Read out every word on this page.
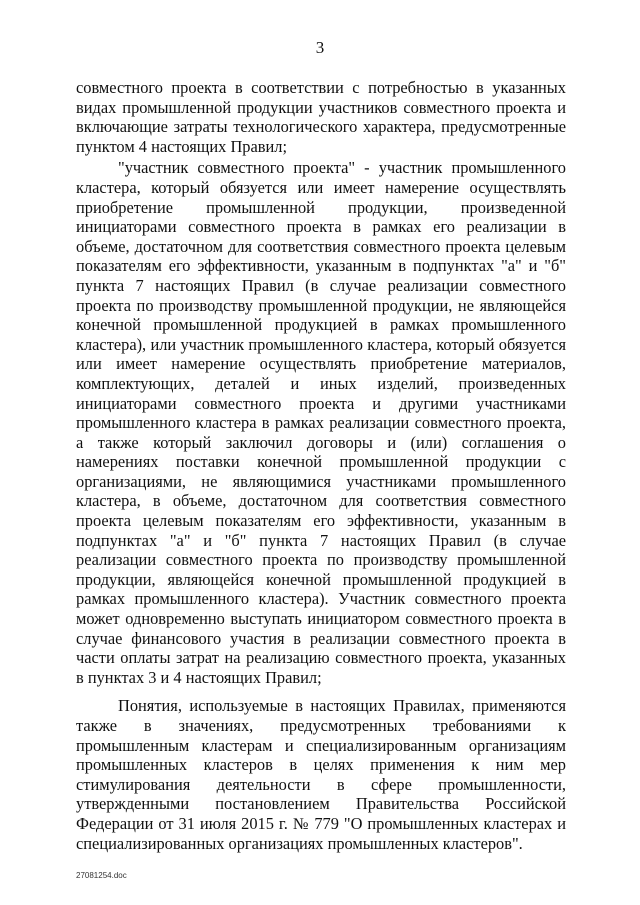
3

совместного проекта в соответствии с потребностью в указанных видах промышленной продукции участников совместного проекта и включающие затраты технологического характера, предусмотренные пунктом 4 настоящих Правил;

"участник совместного проекта" - участник промышленного кластера, который обязуется или имеет намерение осуществлять приобретение промышленной продукции, произведенной инициаторами совместного проекта в рамках его реализации в объеме, достаточном для соответствия совместного проекта целевым показателям его эффективности, указанным в подпунктах "а" и "б" пункта 7 настоящих Правил (в случае реализации совместного проекта по производству промышленной продукции, не являющейся конечной промышленной продукцией в рамках промышленного кластера), или участник промышленного кластера, который обязуется или имеет намерение осуществлять приобретение материалов, комплектующих, деталей и иных изделий, произведенных инициаторами совместного проекта и другими участниками промышленного кластера в рамках реализации совместного проекта, а также который заключил договоры и (или) соглашения о намерениях поставки конечной промышленной продукции с организациями, не являющимися участниками промышленного кластера, в объеме, достаточном для соответствия совместного проекта целевым показателям его эффективности, указанным в подпунктах "а" и "б" пункта 7 настоящих Правил (в случае реализации совместного проекта по производству промышленной продукции, являющейся конечной промышленной продукцией в рамках промышленного кластера). Участник совместного проекта может одновременно выступать инициатором совместного проекта в случае финансового участия в реализации совместного проекта в части оплаты затрат на реализацию совместного проекта, указанных в пунктах 3 и 4 настоящих Правил;

Понятия, используемые в настоящих Правилах, применяются также в значениях, предусмотренных требованиями к промышленным кластерам и специализированным организациям промышленных кластеров в целях применения к ним мер стимулирования деятельности в сфере промышленности, утвержденными постановлением Правительства Российской Федерации от 31 июля 2015 г. № 779 "О промышленных кластерах и специализированных организациях промышленных кластеров".

27081254.doc
